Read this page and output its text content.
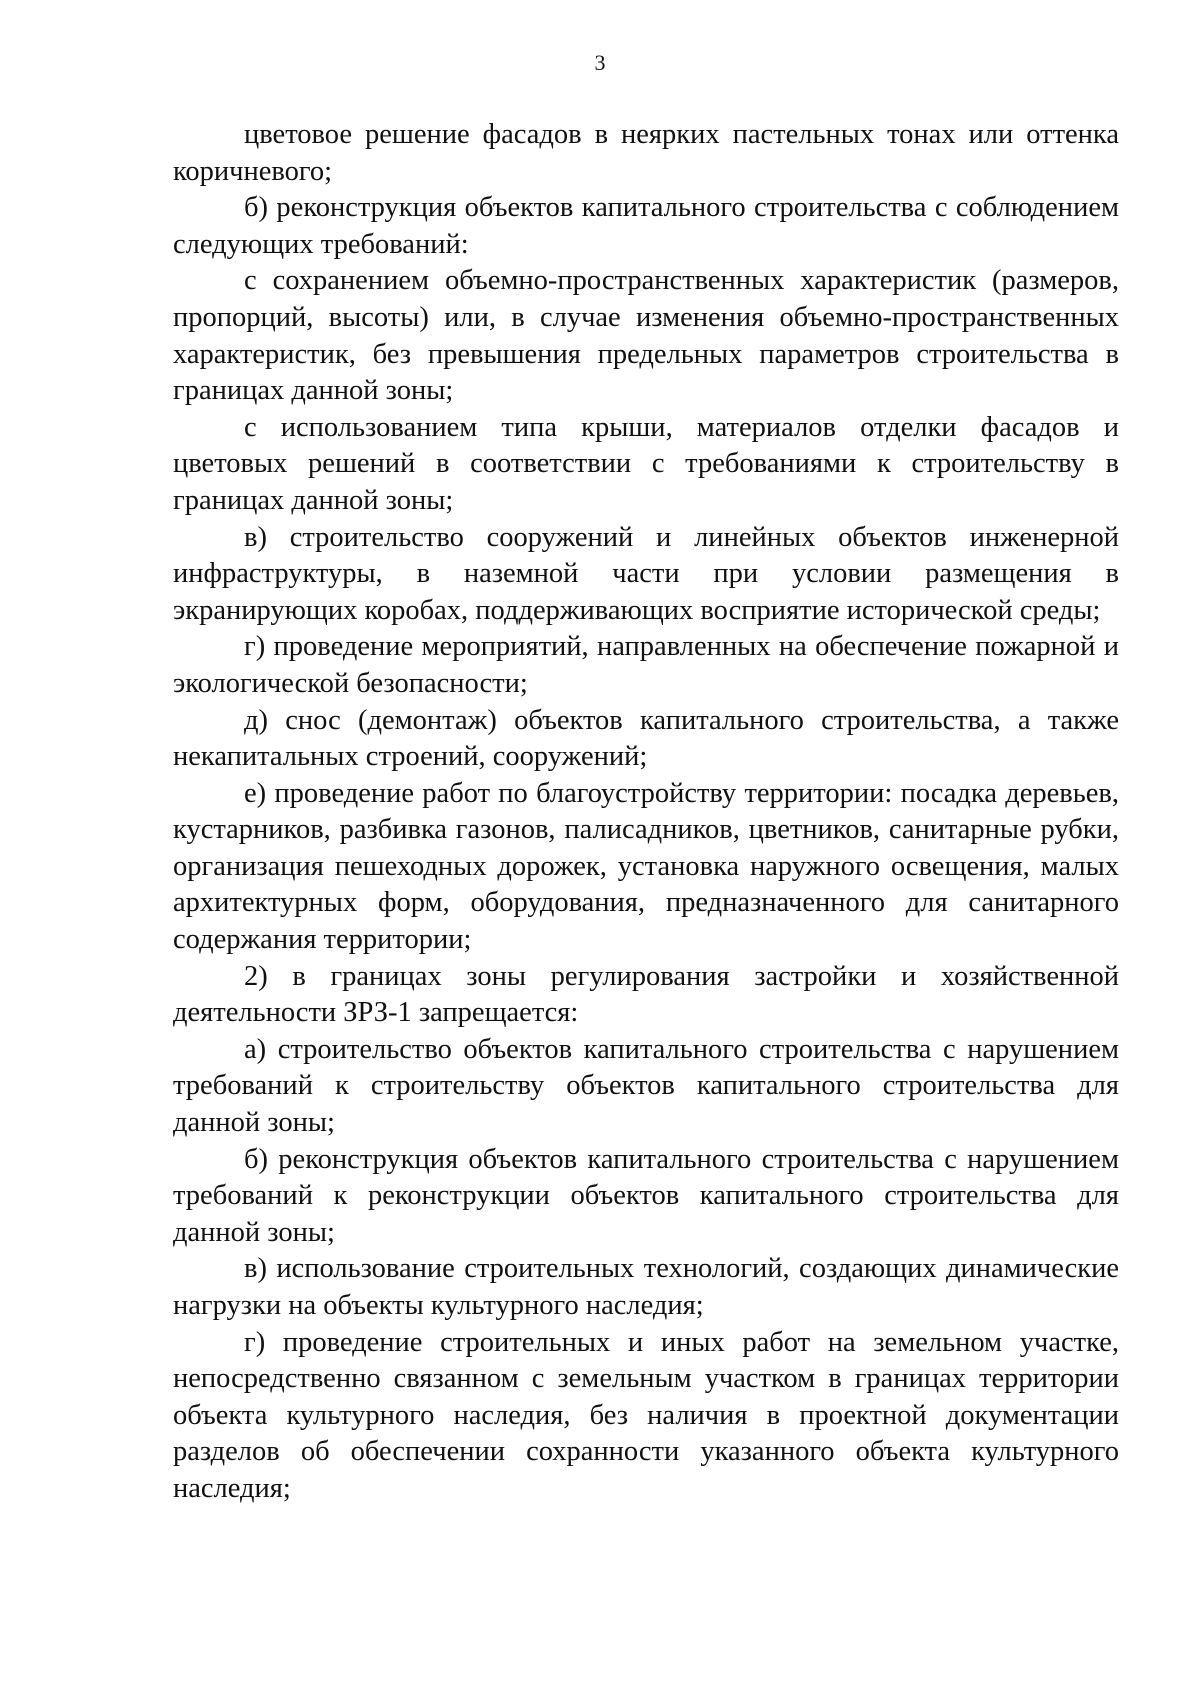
3

цветовое решение фасадов в неярких пастельных тонах или оттенка коричневого;

б) реконструкция объектов капитального строительства с соблюдением следующих требований:

с сохранением объемно-пространственных характеристик (размеров, пропорций, высоты) или, в случае изменения объемно-пространственных характеристик, без превышения предельных параметров строительства в границах данной зоны;

с использованием типа крыши, материалов отделки фасадов и цветовых решений в соответствии с требованиями к строительству в границах данной зоны;

в) строительство сооружений и линейных объектов инженерной инфраструктуры, в наземной части при условии размещения в экранирующих коробах, поддерживающих восприятие исторической среды;

г) проведение мероприятий, направленных на обеспечение пожарной и экологической безопасности;

д) снос (демонтаж) объектов капитального строительства, а также некапитальных строений, сооружений;

е) проведение работ по благоустройству территории: посадка деревьев, кустарников, разбивка газонов, палисадников, цветников, санитарные рубки, организация пешеходных дорожек, установка наружного освещения, малых архитектурных форм, оборудования, предназначенного для санитарного содержания территории;

2) в границах зоны регулирования застройки и хозяйственной деятельности ЗРЗ-1 запрещается:

а) строительство объектов капитального строительства с нарушением требований к строительству объектов капитального строительства для данной зоны;

б) реконструкция объектов капитального строительства с нарушением требований к реконструкции объектов капитального строительства для данной зоны;

в) использование строительных технологий, создающих динамические нагрузки на объекты культурного наследия;

г) проведение строительных и иных работ на земельном участке, непосредственно связанном с земельным участком в границах территории объекта культурного наследия, без наличия в проектной документации разделов об обеспечении сохранности указанного объекта культурного наследия;
